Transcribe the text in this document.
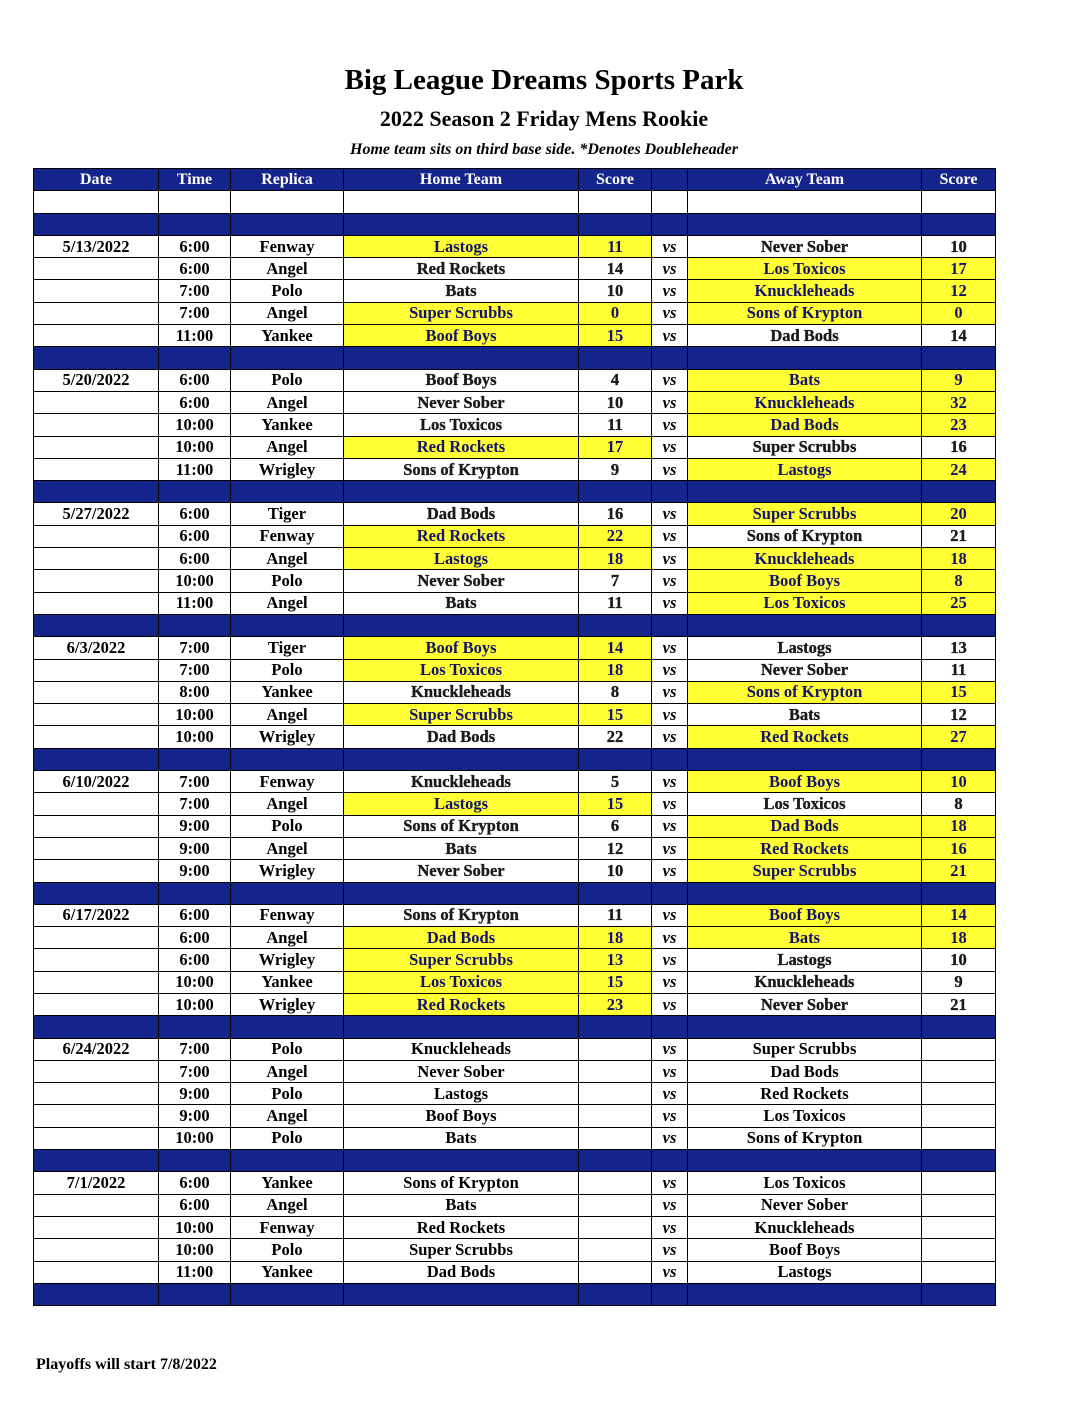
Big League Dreams Sports Park
2022 Season 2 Friday Mens Rookie
Home team sits on third base side. *Denotes Doubleheader
Date	Time	Replica	Home Team	Score		Away Team	Score

5/13/2022	6:00	Fenway	Lastogs	11	vs	Never Sober	10
	6:00	Angel	Red Rockets	14	vs	Los Toxicos	17
	7:00	Polo	Bats	10	vs	Knuckleheads	12
	7:00	Angel	Super Scrubbs	0	vs	Sons of Krypton	0
	11:00	Yankee	Boof Boys	15	vs	Dad Bods	14

5/20/2022	6:00	Polo	Boof Boys	4	vs	Bats	9
	6:00	Angel	Never Sober	10	vs	Knuckleheads	32
	10:00	Yankee	Los Toxicos	11	vs	Dad Bods	23
	10:00	Angel	Red Rockets	17	vs	Super Scrubbs	16
	11:00	Wrigley	Sons of Krypton	9	vs	Lastogs	24

5/27/2022	6:00	Tiger	Dad Bods	16	vs	Super Scrubbs	20
	6:00	Fenway	Red Rockets	22	vs	Sons of Krypton	21
	6:00	Angel	Lastogs	18	vs	Knuckleheads	18
	10:00	Polo	Never Sober	7	vs	Boof Boys	8
	11:00	Angel	Bats	11	vs	Los Toxicos	25

6/3/2022	7:00	Tiger	Boof Boys	14	vs	Lastogs	13
	7:00	Polo	Los Toxicos	18	vs	Never Sober	11
	8:00	Yankee	Knuckleheads	8	vs	Sons of Krypton	15
	10:00	Angel	Super Scrubbs	15	vs	Bats	12
	10:00	Wrigley	Dad Bods	22	vs	Red Rockets	27

6/10/2022	7:00	Fenway	Knuckleheads	5	vs	Boof Boys	10
	7:00	Angel	Lastogs	15	vs	Los Toxicos	8
	9:00	Polo	Sons of Krypton	6	vs	Dad Bods	18
	9:00	Angel	Bats	12	vs	Red Rockets	16
	9:00	Wrigley	Never Sober	10	vs	Super Scrubbs	21

6/17/2022	6:00	Fenway	Sons of Krypton	11	vs	Boof Boys	14
	6:00	Angel	Dad Bods	18	vs	Bats	18
	6:00	Wrigley	Super Scrubbs	13	vs	Lastogs	10
	10:00	Yankee	Los Toxicos	15	vs	Knuckleheads	9
	10:00	Wrigley	Red Rockets	23	vs	Never Sober	21

6/24/2022	7:00	Polo	Knuckleheads		vs	Super Scrubbs	
	7:00	Angel	Never Sober		vs	Dad Bods	
	9:00	Polo	Lastogs		vs	Red Rockets	
	9:00	Angel	Boof Boys		vs	Los Toxicos	
	10:00	Polo	Bats		vs	Sons of Krypton	

7/1/2022	6:00	Yankee	Sons of Krypton		vs	Los Toxicos	
	6:00	Angel	Bats		vs	Never Sober	
	10:00	Fenway	Red Rockets		vs	Knuckleheads	
	10:00	Polo	Super Scrubbs		vs	Boof Boys	
	11:00	Yankee	Dad Bods		vs	Lastogs	

Playoffs will start 7/8/2022
